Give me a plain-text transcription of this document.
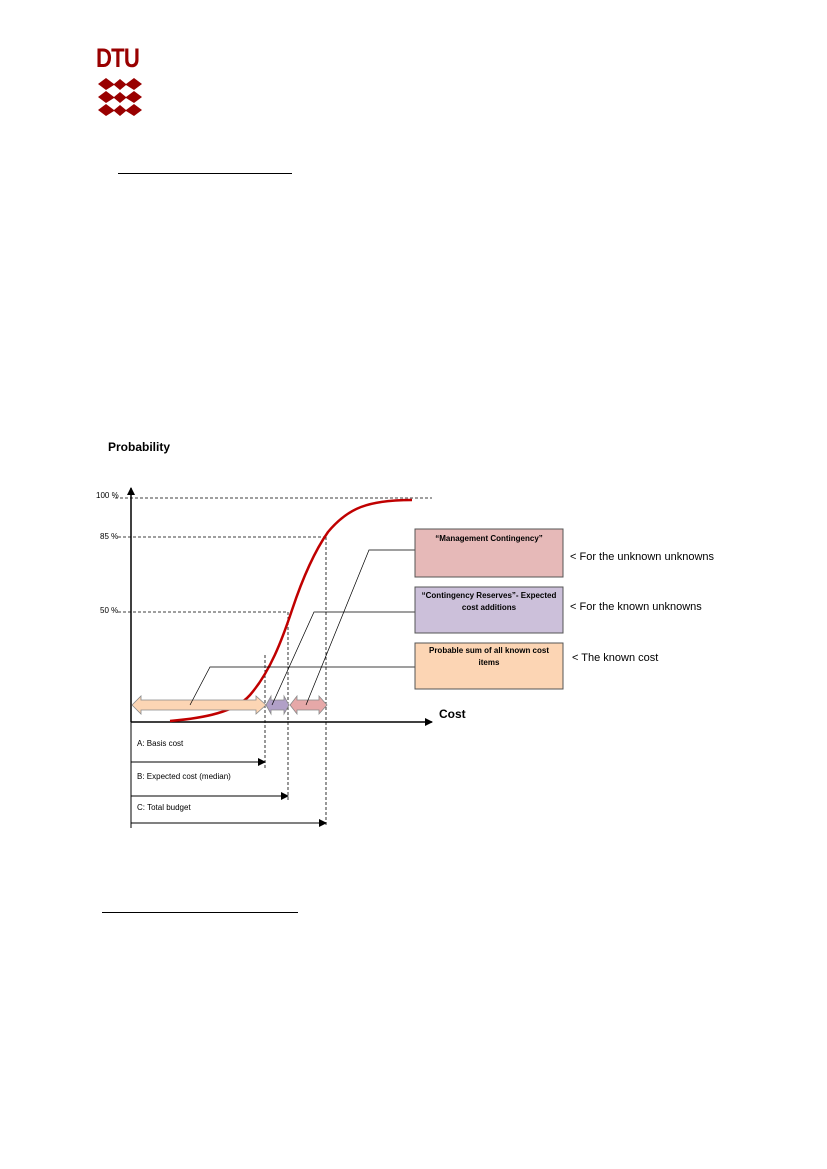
DTU
Probability
100 %
85 %
50 %
“Management Contingency”
“Contingency Reserves”- Expected
cost additions
Probable sum of all known cost
items
< For the unknown unknowns
< For the known unknowns
< The known cost
Cost
A: Basis cost
B: Expected cost (median)
C: Total budget
